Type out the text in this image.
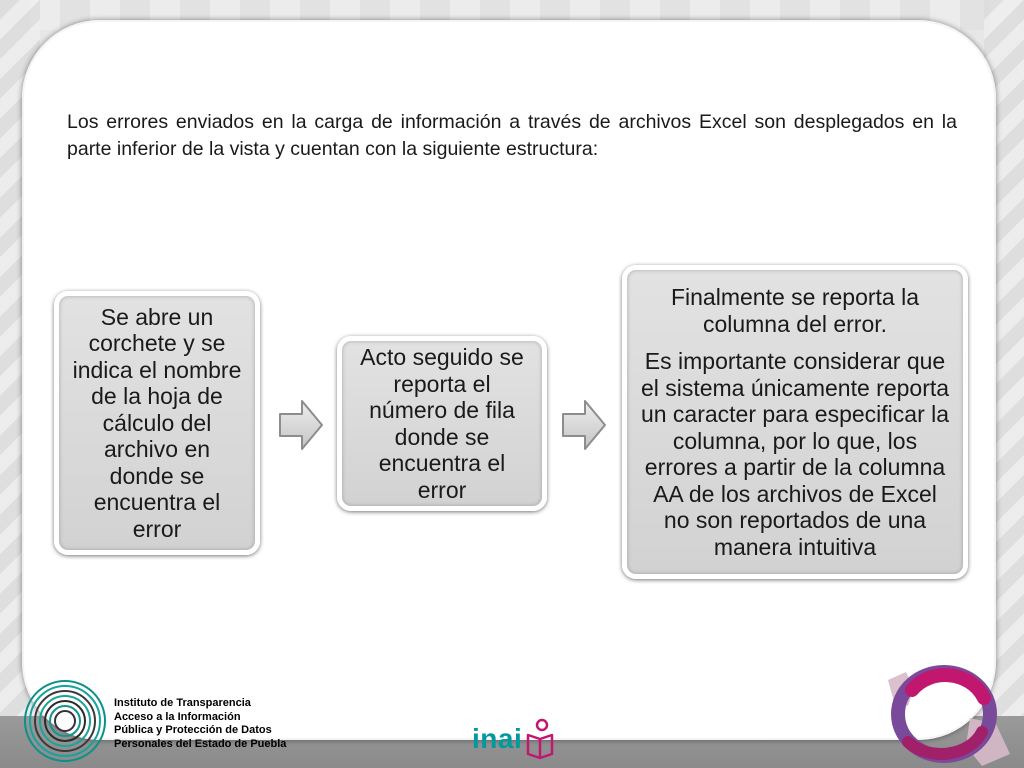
Los errores enviados en la carga de información a través de archivos Excel son desplegados en la parte inferior de la vista y cuentan con la siguiente estructura:

Se abre un corchete y se indica el nombre de la hoja de cálculo del archivo en donde se encuentra el error

Acto seguido se reporta el número de fila donde se encuentra el error

Finalmente se reporta la columna del error.

Es importante considerar que el sistema únicamente reporta un caracter para especificar la columna, por lo que, los errores a partir de la columna AA de los archivos de Excel no son reportados de una manera intuitiva

Instituto de Transparencia
Acceso a la Información
Pública y Protección de Datos
Personales del Estado de Puebla	inai
